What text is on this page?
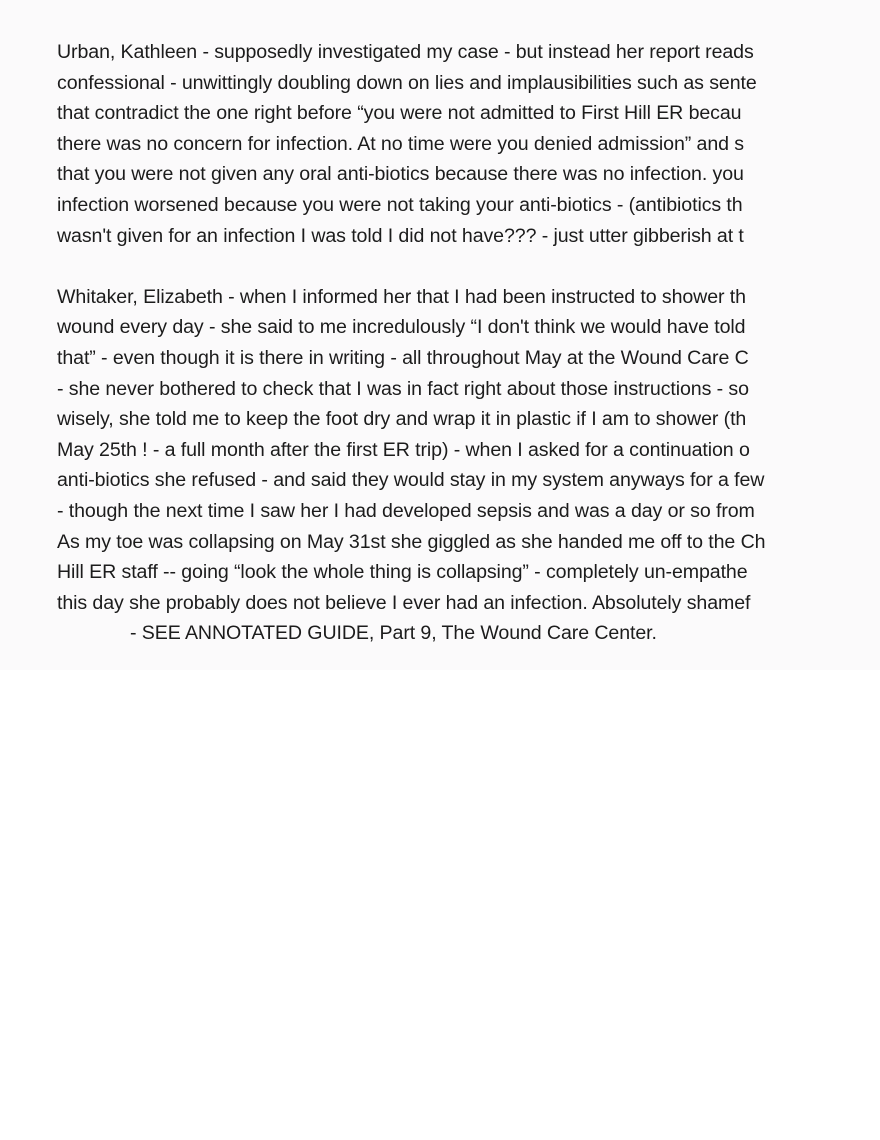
Urban, Kathleen - supposedly investigated my case - but instead her report reads
confessional - unwittingly doubling down on lies and implausibilities such as sente
that contradict the one right before “you were not admitted to First Hill ER becau
there was no concern for infection. At no time were you denied admission” and s
that you were not given any oral anti-biotics because there was no infection. you
infection worsened because you were not taking your anti-biotics - (antibiotics th
wasn't given for an infection I was told I did not have??? - just utter gibberish at t
Whitaker, Elizabeth - when I informed her that I had been instructed to shower th
wound every day - she said to me incredulously “I don't think we would have told
that” - even though it is there in writing - all throughout May at the Wound Care C
- she never bothered to check that I was in fact right about those instructions - so
wisely, she told me to keep the foot dry and wrap it in plastic if I am to shower (th
May 25th ! - a full month after the first ER trip) - when I asked for a continuation o
anti-biotics she refused - and said they would stay in my system anyways for a few
- though the next time I saw her I had developed sepsis and was a day or so from
As my toe was collapsing on May 31st she giggled as she handed me off to the Ch
Hill ER staff -- going “look the whole thing is collapsing” - completely un-empathe
this day she probably does not believe I ever had an infection. Absolutely shamef
- SEE ANNOTATED GUIDE, Part 9, The Wound Care Center.
